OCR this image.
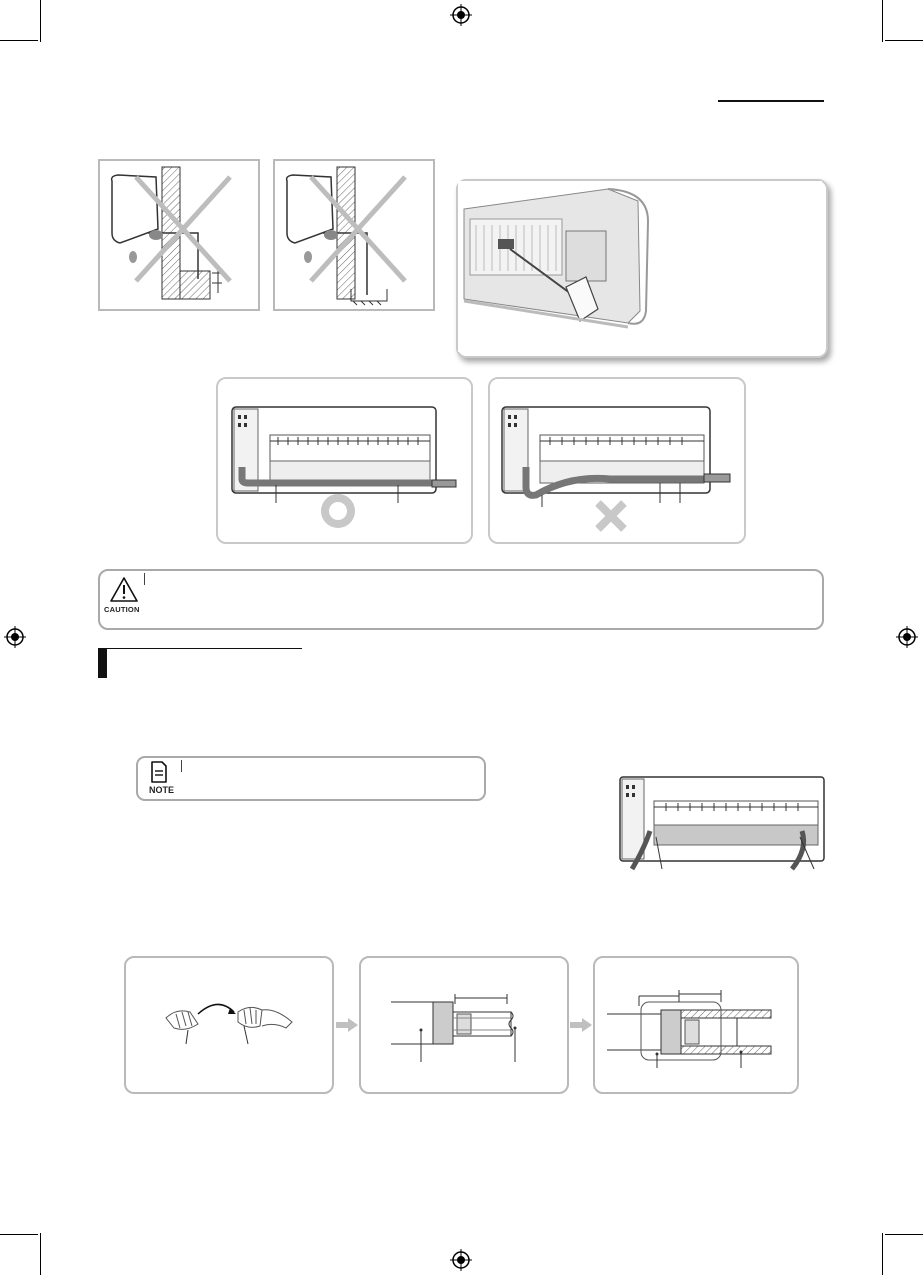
CAUTION
NOTE
